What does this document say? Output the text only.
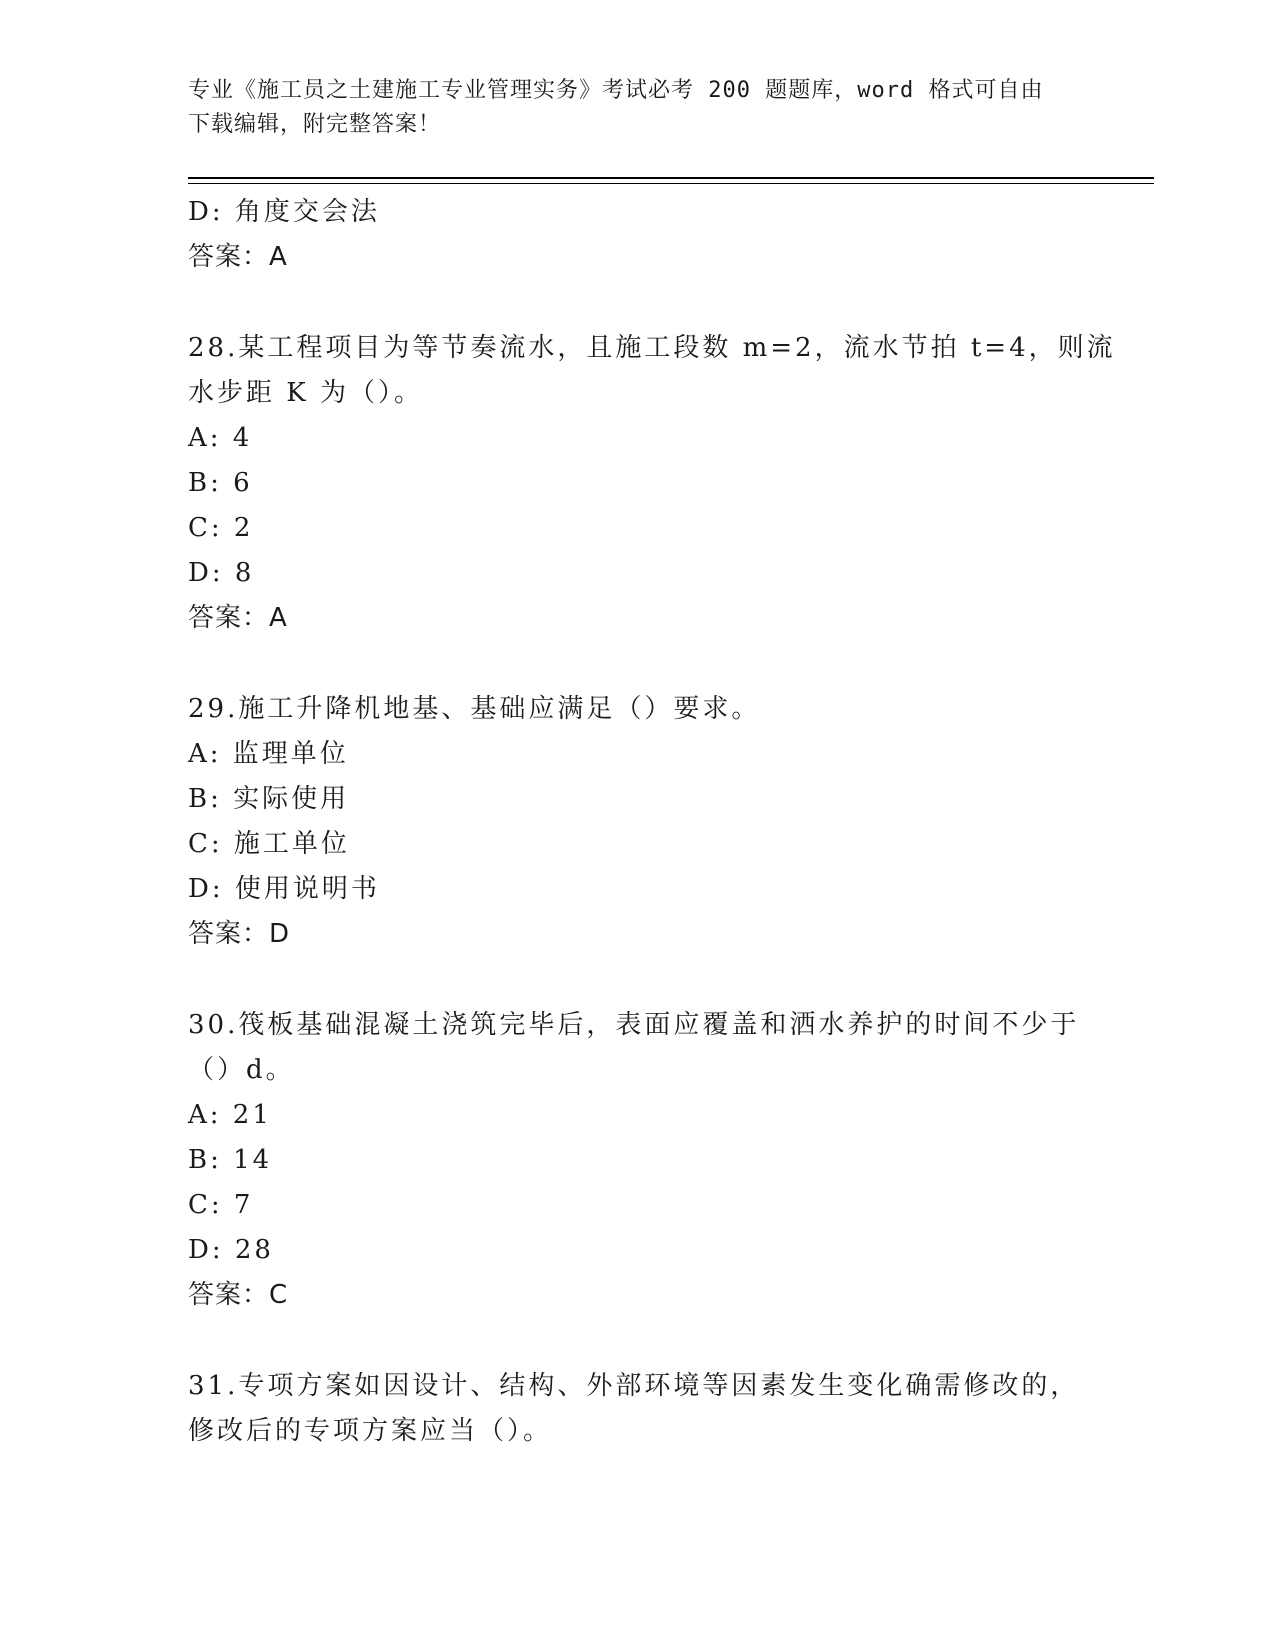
专业《施工员之土建施工专业管理实务》考试必考 200 题题库，word 格式可自由
下载编辑，附完整答案！
D: 角度交会法
答案：A
28.某工程项目为等节奏流水，且施工段数 m=2，流水节拍 t=4，则流
水步距 K 为（）。
A: 4
B: 6
C: 2
D: 8
答案：A
29.施工升降机地基、基础应满足（）要求。
A: 监理单位
B: 实际使用
C: 施工单位
D: 使用说明书
答案：D
30.筏板基础混凝土浇筑完毕后，表面应覆盖和洒水养护的时间不少于
（）d。
A: 21
B: 14
C: 7
D: 28
答案：C
31.专项方案如因设计、结构、外部环境等因素发生变化确需修改的，
修改后的专项方案应当（）。
